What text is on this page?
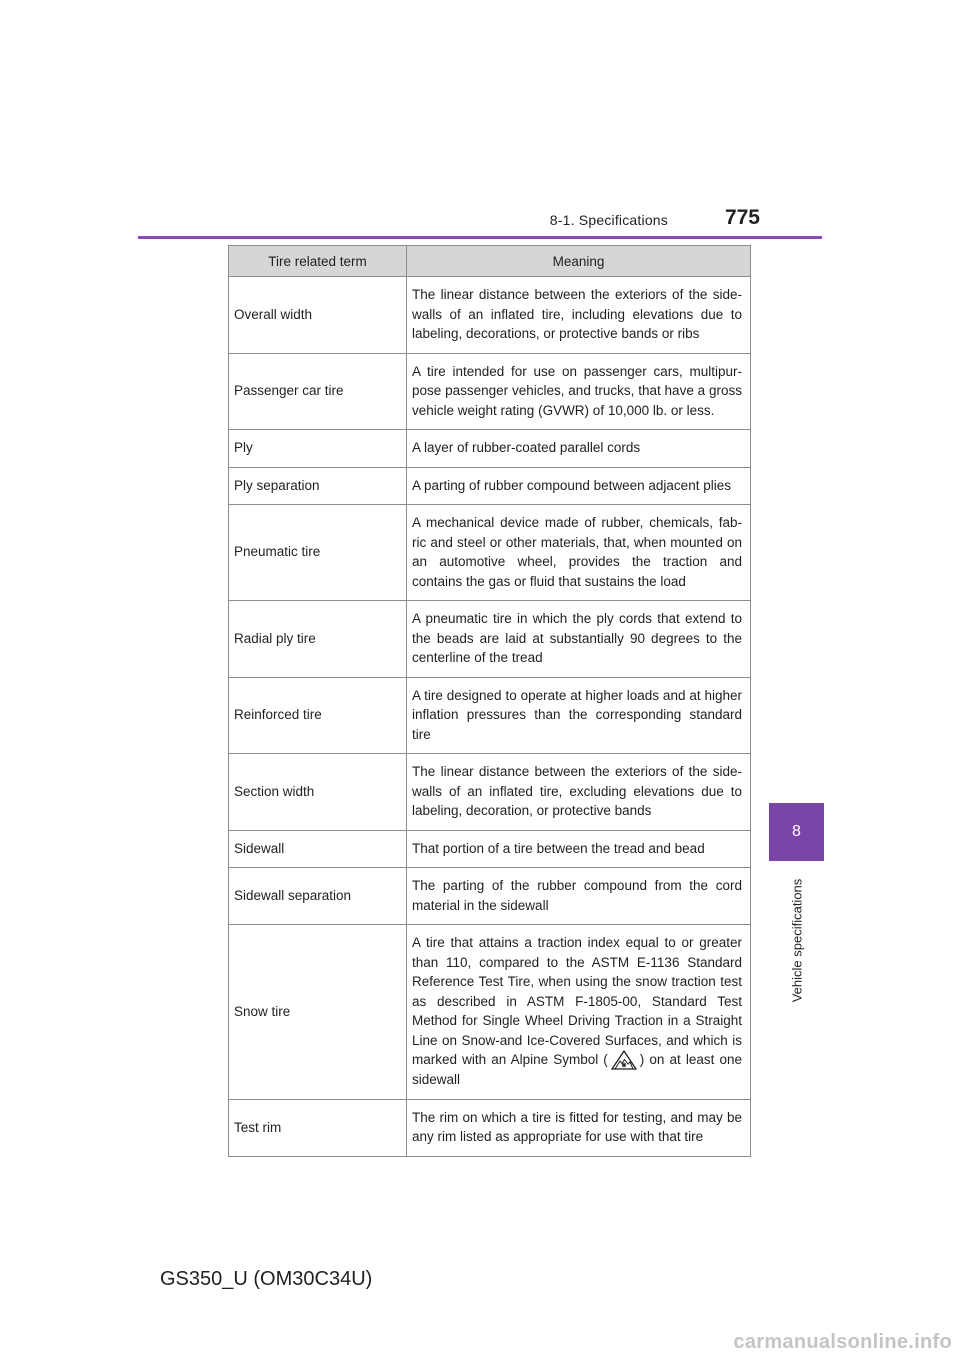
8-1. Specifications	775
8
Vehicle specifications
Tire related term	Meaning
Overall width	The linear distance between the exteriors of the side-walls of an inflated tire, including elevations due to labeling, decorations, or protective bands or ribs
Passenger car tire	A tire intended for use on passenger cars, multipur-pose passenger vehicles, and trucks, that have a gross vehicle weight rating (GVWR) of 10,000 lb. or less.
Ply	A layer of rubber-coated parallel cords
Ply separation	A parting of rubber compound between adjacent plies
Pneumatic tire	A mechanical device made of rubber, chemicals, fab-ric and steel or other materials, that, when mounted on an automotive wheel, provides the traction and contains the gas or fluid that sustains the load
Radial ply tire	A pneumatic tire in which the ply cords that extend to the beads are laid at substantially 90 degrees to the centerline of the tread
Reinforced tire	A tire designed to operate at higher loads and at higher inflation pressures than the corresponding standard tire
Section width	The linear distance between the exteriors of the side-walls of an inflated tire, excluding elevations due to labeling, decoration, or protective bands
Sidewall	That portion of a tire between the tread and bead
Sidewall separation	The parting of the rubber compound from the cord material in the sidewall
Snow tire	A tire that attains a traction index equal to or greater than 110, compared to the ASTM E-1136 Standard Reference Test Tire, when using the snow traction test as described in ASTM F-1805-00, Standard Test Method for Single Wheel Driving Traction in a Straight Line on Snow-and Ice-Covered Surfaces, and which is marked with an Alpine Symbol ( ) on at least one sidewall
Test rim	The rim on which a tire is fitted for testing, and may be any rim listed as appropriate for use with that tire
GS350_U (OM30C34U)
carmanualsonline.info
